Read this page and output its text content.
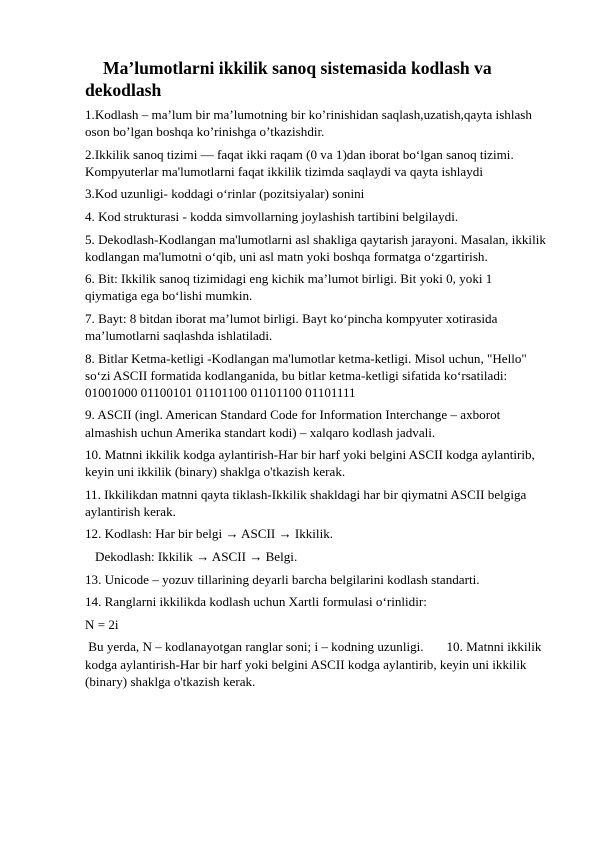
Ma’lumotlarni ikkilik sanoq sistemasida kodlash va dekodlash

1.Kodlash – ma’lum bir ma’lumotning bir ko’rinishidan saqlash,uzatish,qayta ishlash oson bo’lgan boshqa ko’rinishga o’tkazishdir.

2.Ikkilik sanoq tizimi — faqat ikki raqam (0 va 1)dan iborat boʻlgan sanoq tizimi. Kompyuterlar ma'lumotlarni faqat ikkilik tizimda saqlaydi va qayta ishlaydi

3.Kod uzunligi- koddagi oʻrinlar (pozitsiyalar) sonini

4. Kod strukturasi - kodda simvollarning joylashish tartibini belgilaydi.

5. Dekodlash-Kodlangan ma'lumotlarni asl shakliga qaytarish jarayoni. Masalan, ikkilik kodlangan ma'lumotni oʻqib, uni asl matn yoki boshqa formatga oʻzgartirish.

6. Bit: Ikkilik sanoq tizimidagi eng kichik ma’lumot birligi. Bit yoki 0, yoki 1 qiymatiga ega boʻlishi mumkin.

7. Bayt: 8 bitdan iborat ma’lumot birligi. Bayt koʻpincha kompyuter xotirasida ma’lumotlarni saqlashda ishlatiladi.

8. Bitlar Ketma-ketligi -Kodlangan ma'lumotlar ketma-ketligi. Misol uchun, "Hello" soʻzi ASCII formatida kodlanganida, bu bitlar ketma-ketligi sifatida koʻrsatiladi: 01001000 01100101 01101100 01101100 01101111

9. ASCII (ingl. American Standard Code for Information Interchange – axborot almashish uchun Amerika standart kodi) – xalqaro kodlash jadvali.

10. Matnni ikkilik kodga aylantirish-Har bir harf yoki belgini ASCII kodga aylantirib, keyin uni ikkilik (binary) shaklga o'tkazish kerak.

11. Ikkilikdan matnni qayta tiklash-Ikkilik shakldagi har bir qiymatni ASCII belgiga aylantirish kerak.

12. Kodlash: Har bir belgi → ASCII → Ikkilik.

Dekodlash: Ikkilik → ASCII → Belgi.

13. Unicode – yozuv tillarining deyarli barcha belgilarini kodlash standarti.

14. Ranglarni ikkilikda kodlash uchun Xartli formulasi oʻrinlidir:

N = 2i

Bu yerda, N – kodlanayotgan ranglar soni; i – kodning uzunligi.       10. Matnni ikkilik kodga aylantirish-Har bir harf yoki belgini ASCII kodga aylantirib, keyin uni ikkilik (binary) shaklga o'tkazish kerak.
